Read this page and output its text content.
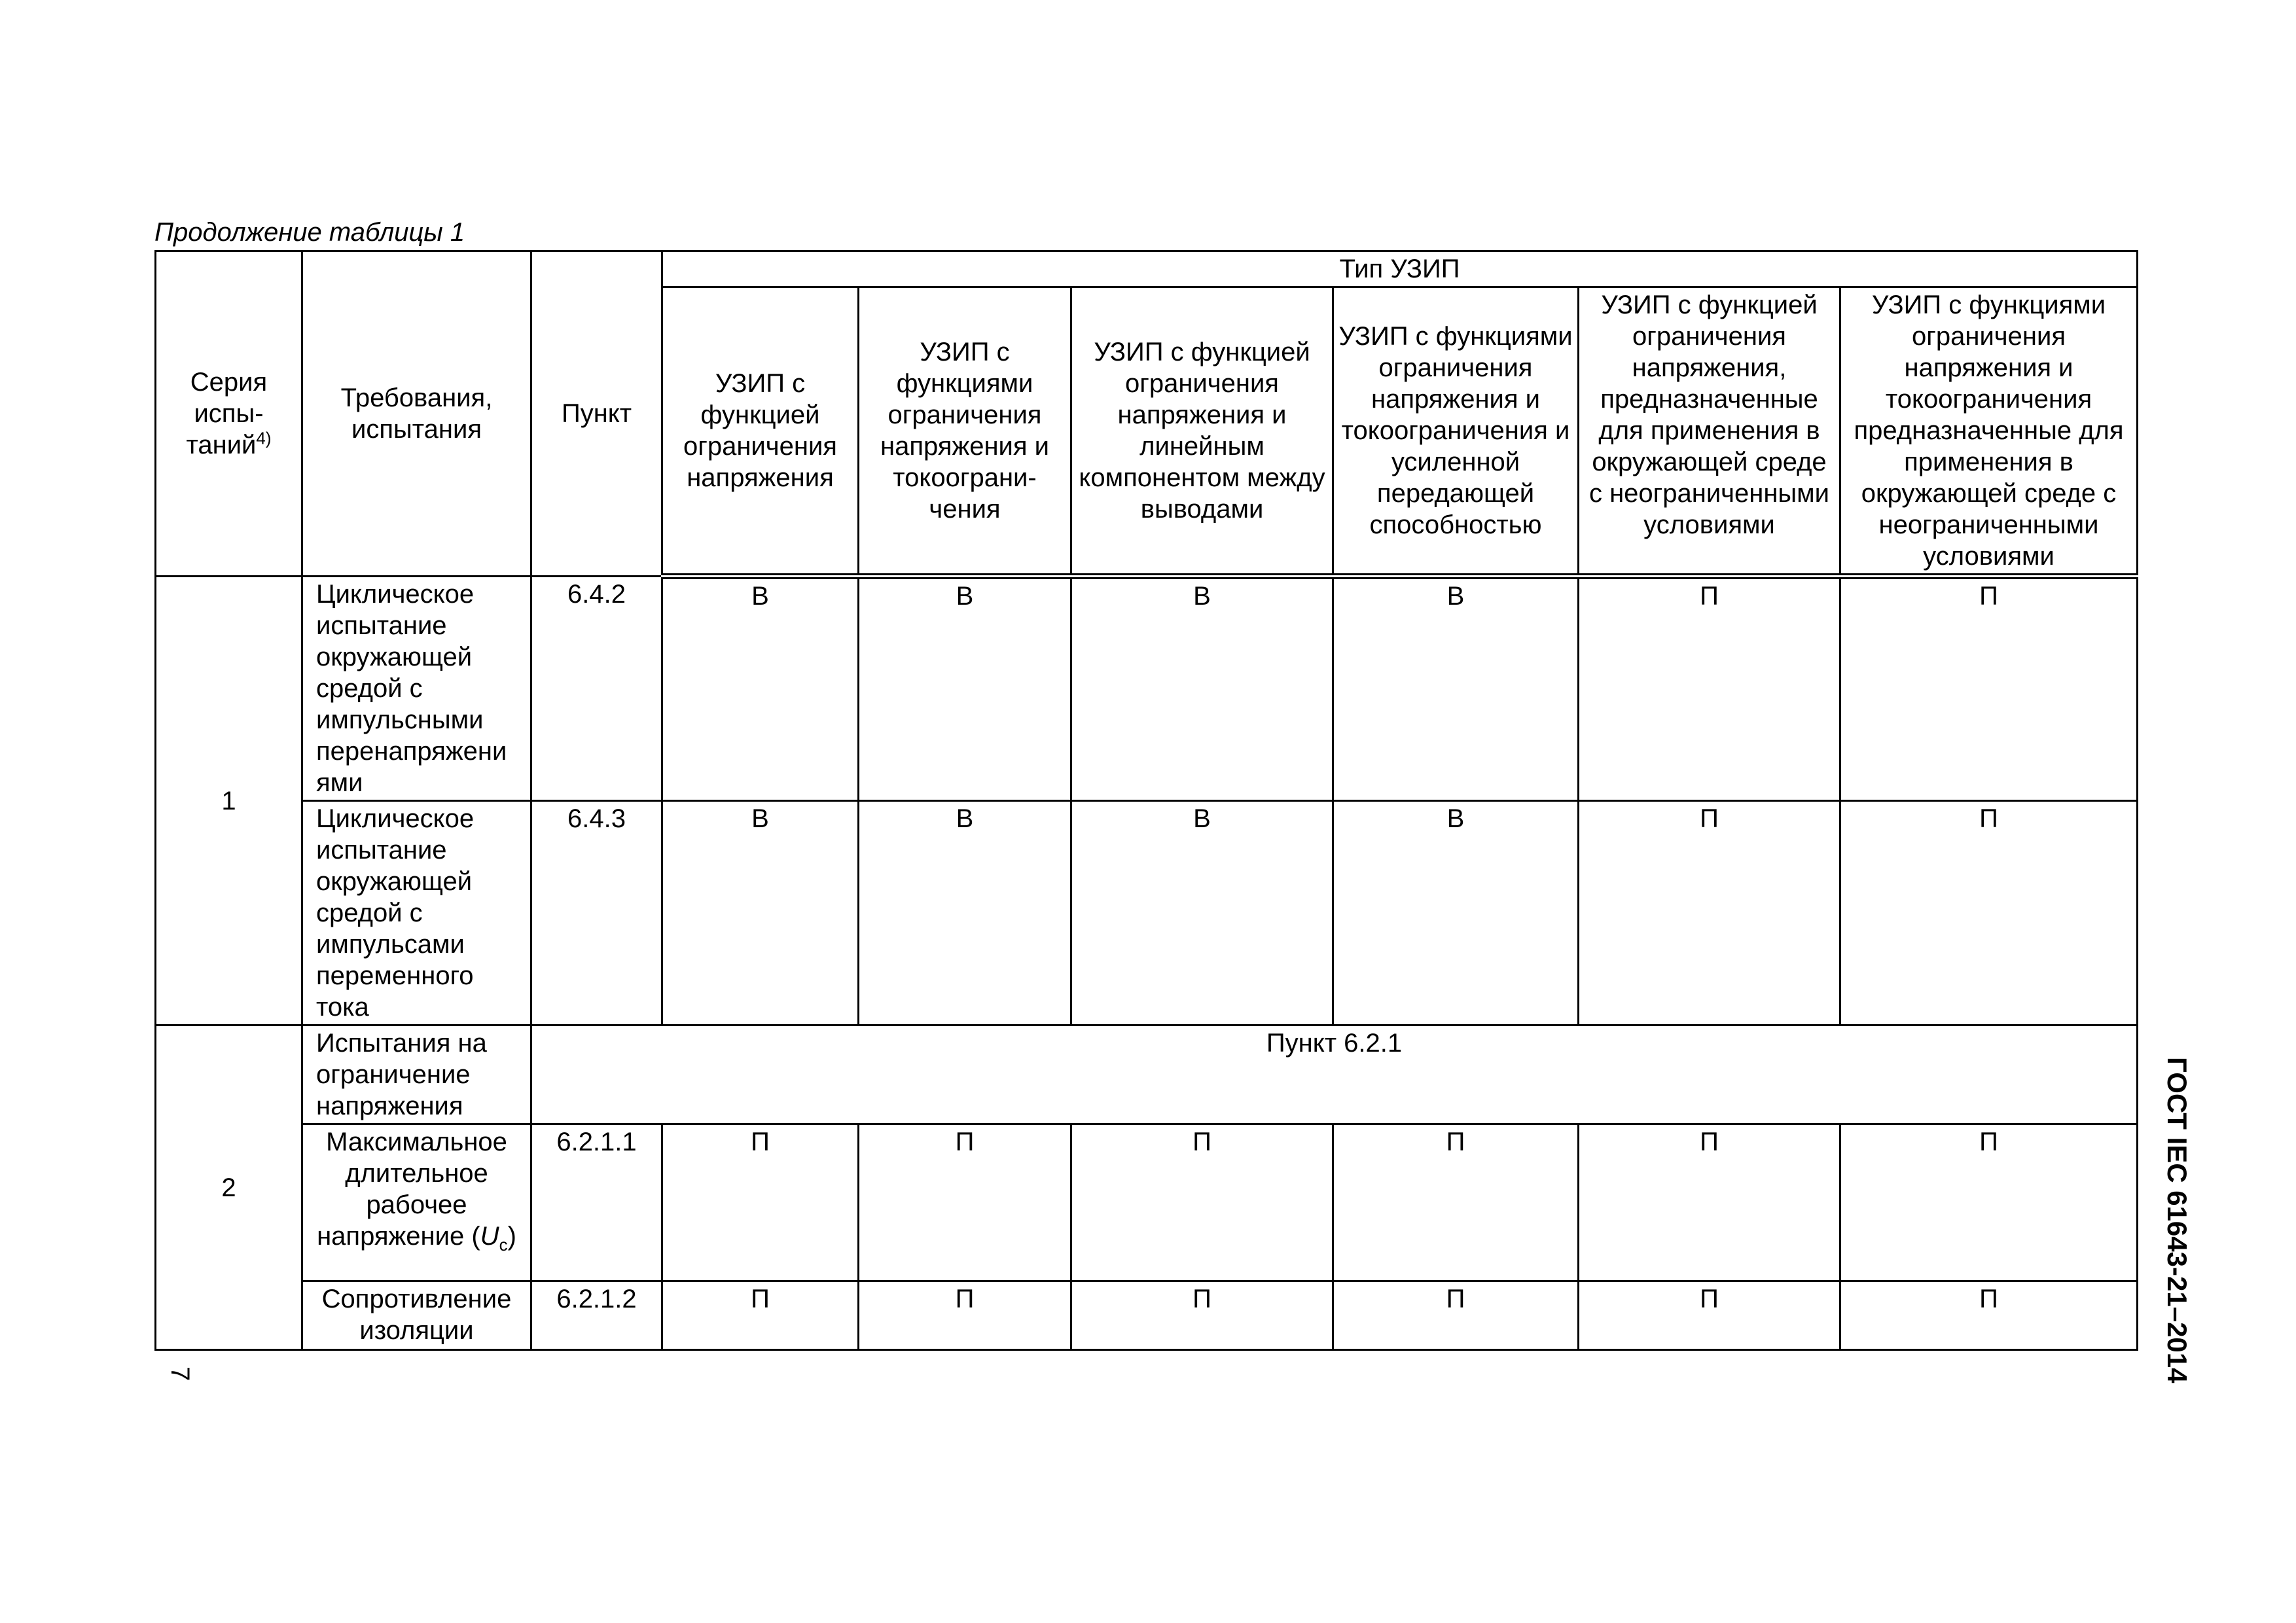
Продолжение таблицы 1
Серия испы-таний$^{4)}$	Требования, испытания	Пункт	Тип УЗИП					
			УЗИП с функцией ограничения напряжения	УЗИП с функциями ограничения напряжения и токоограни-чения	УЗИП с функцией ограничения напряжения и линейным компонентом между выводами	УЗИП с функциями ограничения напряжения и токоограничения и усиленной передающей способностью	УЗИП с функцией ограничения напряжения, предназначенные для применения в окружающей среде с неограниченными условиями	УЗИП с функциями ограничения напряжения и токоограничения предназначенные для применения в окружающей среде с неограниченными условиями
1	Циклическое испытание окружающей средой с импульсными перенапряжени ями	6.4.2	В	В	В	В	П	П
	Циклическое испытание окружающей средой с импульсами переменного тока	6.4.3	В	В	В	В	П	П
2	Испытания на ограничение напряжения	Пункт 6.2.1						
	Максимальное длительное рабочее напряжение $(U_c)$	6.2.1.1	П	П	П	П	П	П
	Сопротивление изоляции	6.2.1.2	П	П	П	П	П	П	ГОСТ IEC 61643-21–2014
7
